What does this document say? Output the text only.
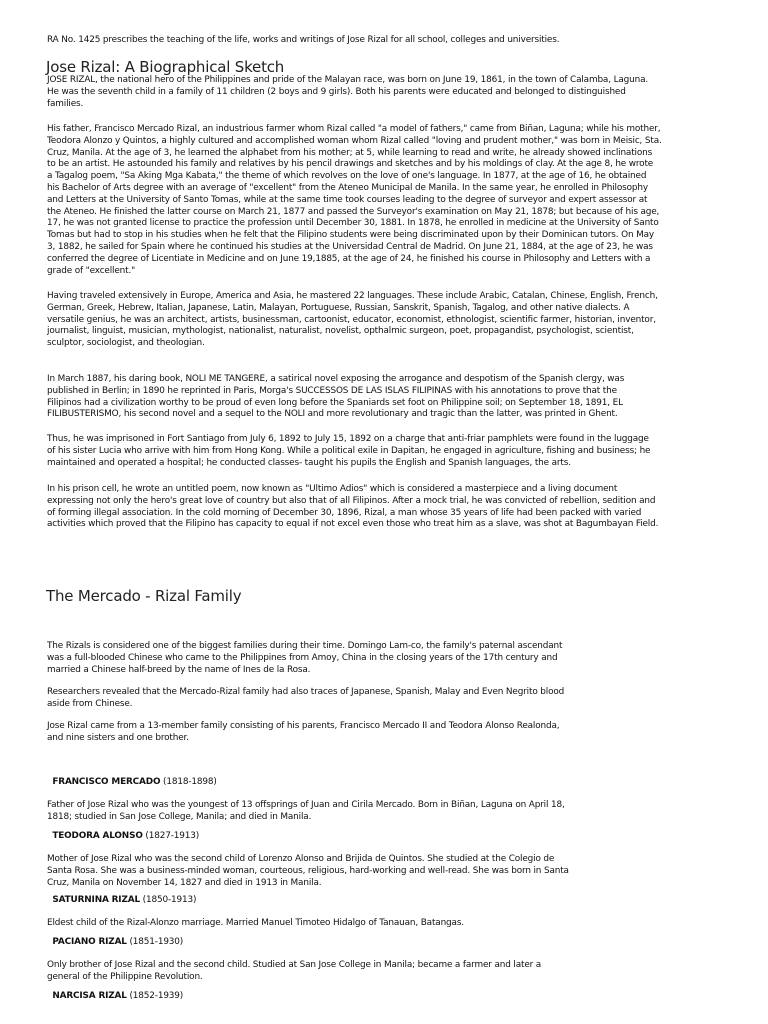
RA No. 1425 prescribes the teaching of the life, works and writings of Jose Rizal for all school, colleges and universities.
Jose Rizal: A Biographical Sketch
JOSE RIZAL, the national hero of the Philippines and pride of the Malayan race, was born on June 19, 1861, in the town of Calamba, Laguna.
He was the seventh child in a family of 11 children (2 boys and 9 girls). Both his parents were educated and belonged to distinguished
families.
His father, Francisco Mercado Rizal, an industrious farmer whom Rizal called "a model of fathers," came from Biñan, Laguna; while his mother,
Teodora Alonzo y Quintos, a highly cultured and accomplished woman whom Rizal called "loving and prudent mother," was born in Meisic, Sta.
Cruz, Manila. At the age of 3, he learned the alphabet from his mother; at 5, while learning to read and write, he already showed inclinations
to be an artist. He astounded his family and relatives by his pencil drawings and sketches and by his moldings of clay. At the age 8, he wrote
a Tagalog poem, "Sa Aking Mga Kabata," the theme of which revolves on the love of one's language. In 1877, at the age of 16, he obtained
his Bachelor of Arts degree with an average of "excellent" from the Ateneo Municipal de Manila. In the same year, he enrolled in Philosophy
and Letters at the University of Santo Tomas, while at the same time took courses leading to the degree of surveyor and expert assessor at
the Ateneo. He finished the latter course on March 21, 1877 and passed the Surveyor's examination on May 21, 1878; but because of his age,
17, he was not granted license to practice the profession until December 30, 1881. In 1878, he enrolled in medicine at the University of Santo
Tomas but had to stop in his studies when he felt that the Filipino students were being discriminated upon by their Dominican tutors. On May
3, 1882, he sailed for Spain where he continued his studies at the Universidad Central de Madrid. On June 21, 1884, at the age of 23, he was
conferred the degree of Licentiate in Medicine and on June 19,1885, at the age of 24, he finished his course in Philosophy and Letters with a
grade of "excellent."
Having traveled extensively in Europe, America and Asia, he mastered 22 languages. These include Arabic, Catalan, Chinese, English, French,
German, Greek, Hebrew, Italian, Japanese, Latin, Malayan, Portuguese, Russian, Sanskrit, Spanish, Tagalog, and other native dialects. A
versatile genius, he was an architect, artists, businessman, cartoonist, educator, economist, ethnologist, scientific farmer, historian, inventor,
journalist, linguist, musician, mythologist, nationalist, naturalist, novelist, opthalmic surgeon, poet, propagandist, psychologist, scientist,
sculptor, sociologist, and theologian.
In March 1887, his daring book, NOLI ME TANGERE, a satirical novel exposing the arrogance and despotism of the Spanish clergy, was
published in Berlin; in 1890 he reprinted in Paris, Morga's SUCCESSOS DE LAS ISLAS FILIPINAS with his annotations to prove that the
Filipinos had a civilization worthy to be proud of even long before the Spaniards set foot on Philippine soil; on September 18, 1891, EL
FILIBUSTERISMO, his second novel and a sequel to the NOLI and more revolutionary and tragic than the latter, was printed in Ghent.
Thus, he was imprisoned in Fort Santiago from July 6, 1892 to July 15, 1892 on a charge that anti-friar pamphlets were found in the luggage
of his sister Lucia who arrive with him from Hong Kong. While a political exile in Dapitan, he engaged in agriculture, fishing and business; he
maintained and operated a hospital; he conducted classes- taught his pupils the English and Spanish languages, the arts.
In his prison cell, he wrote an untitled poem, now known as "Ultimo Adios" which is considered a masterpiece and a living document
expressing not only the hero's great love of country but also that of all Filipinos. After a mock trial, he was convicted of rebellion, sedition and
of forming illegal association. In the cold morning of December 30, 1896, Rizal, a man whose 35 years of life had been packed with varied
activities which proved that the Filipino has capacity to equal if not excel even those who treat him as a slave, was shot at Bagumbayan Field.
The Mercado - Rizal Family
The Rizals is considered one of the biggest families during their time. Domingo Lam-co, the family's paternal ascendant
was a full-blooded Chinese who came to the Philippines from Amoy, China in the closing years of the 17th century and
married a Chinese half-breed by the name of Ines de la Rosa.
Researchers revealed that the Mercado-Rizal family had also traces of Japanese, Spanish, Malay and Even Negrito blood
aside from Chinese.
Jose Rizal came from a 13-member family consisting of his parents, Francisco Mercado II and Teodora Alonso Realonda,
and nine sisters and one brother.

FRANCISCO MERCADO (1818-1898)

Father of Jose Rizal who was the youngest of 13 offsprings of Juan and Cirila Mercado. Born in Biñan, Laguna on April 18,
1818; studied in San Jose College, Manila; and died in Manila.

TEODORA ALONSO (1827-1913)

Mother of Jose Rizal who was the second child of Lorenzo Alonso and Brijida de Quintos. She studied at the Colegio de
Santa Rosa. She was a business-minded woman, courteous, religious, hard-working and well-read. She was born in Santa
Cruz, Manila on November 14, 1827 and died in 1913 in Manila.

SATURNINA RIZAL (1850-1913)

Eldest child of the Rizal-Alonzo marriage. Married Manuel Timoteo Hidalgo of Tanauan, Batangas.

PACIANO RIZAL (1851-1930)

Only brother of Jose Rizal and the second child. Studied at San Jose College in Manila; became a farmer and later a
general of the Philippine Revolution.

NARCISA RIZAL (1852-1939)
